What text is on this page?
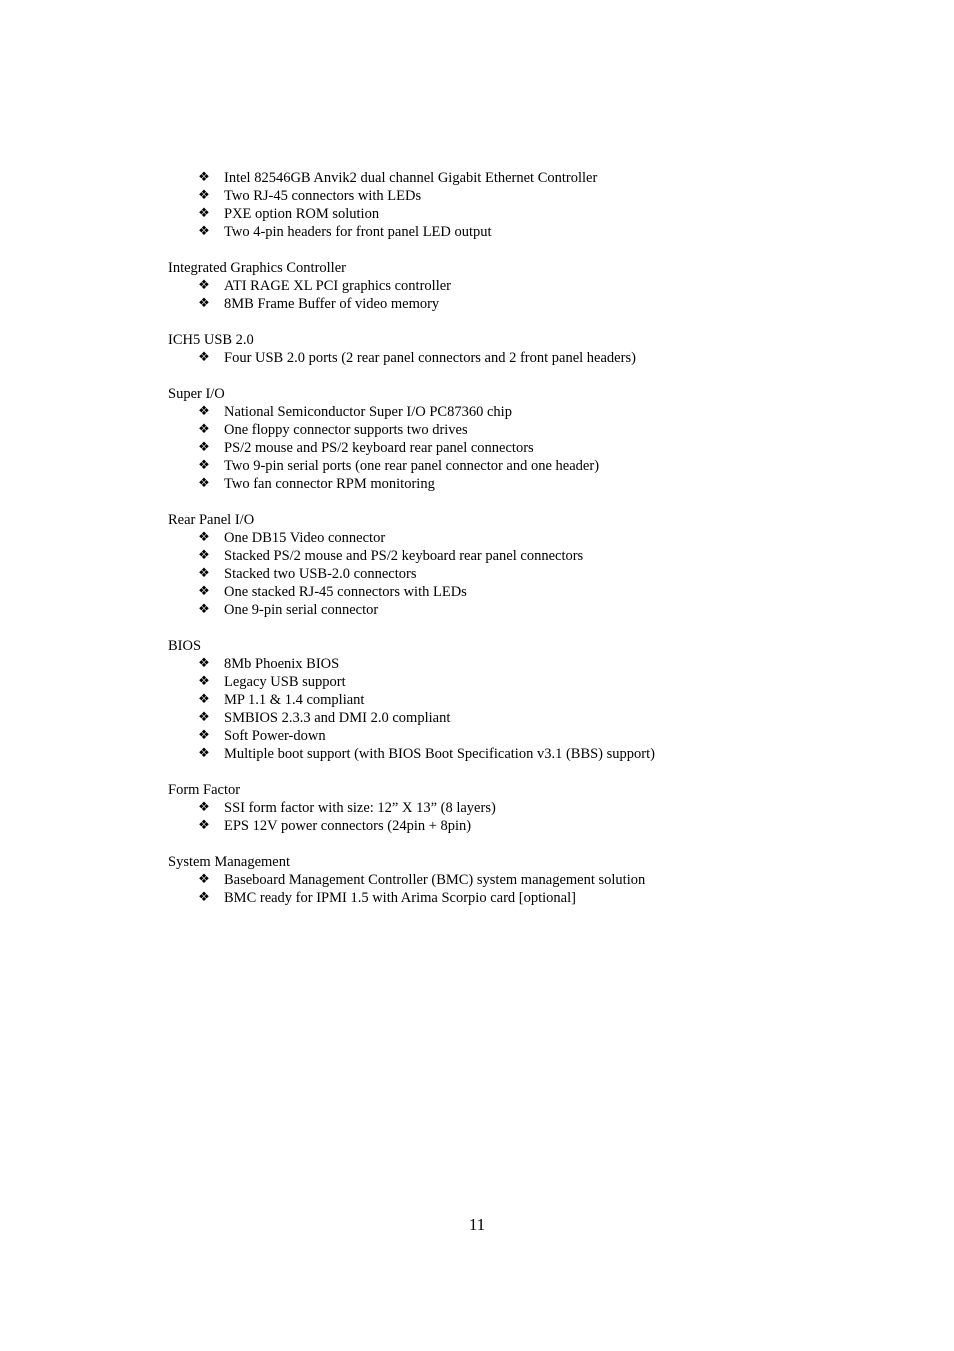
❖ Intel 82546GB Anvik2 dual channel Gigabit Ethernet Controller
❖ Two RJ-45 connectors with LEDs
❖ PXE option ROM solution
❖ Two 4-pin headers for front panel LED output
Integrated Graphics Controller
❖ ATI RAGE XL PCI graphics controller
❖ 8MB Frame Buffer of video memory
ICH5 USB 2.0
❖ Four USB 2.0 ports (2 rear panel connectors and 2 front panel headers)
Super I/O
❖ National Semiconductor Super I/O PC87360 chip
❖ One floppy connector supports two drives
❖ PS/2 mouse and PS/2 keyboard rear panel connectors
❖ Two 9-pin serial ports (one rear panel connector and one header)
❖ Two fan connector RPM monitoring
Rear Panel I/O
❖ One DB15 Video connector
❖ Stacked PS/2 mouse and PS/2 keyboard rear panel connectors
❖ Stacked two USB-2.0 connectors
❖ One stacked RJ-45 connectors with LEDs
❖ One 9-pin serial connector
BIOS
❖ 8Mb Phoenix BIOS
❖ Legacy USB support
❖ MP 1.1 & 1.4 compliant
❖ SMBIOS 2.3.3 and DMI 2.0 compliant
❖ Soft Power-down
❖ Multiple boot support (with BIOS Boot Specification v3.1 (BBS) support)
Form Factor
❖ SSI form factor with size: 12” X 13” (8 layers)
❖ EPS 12V power connectors (24pin + 8pin)
System Management
❖ Baseboard Management Controller (BMC) system management solution
❖ BMC ready for IPMI 1.5 with Arima Scorpio card [optional]
11
